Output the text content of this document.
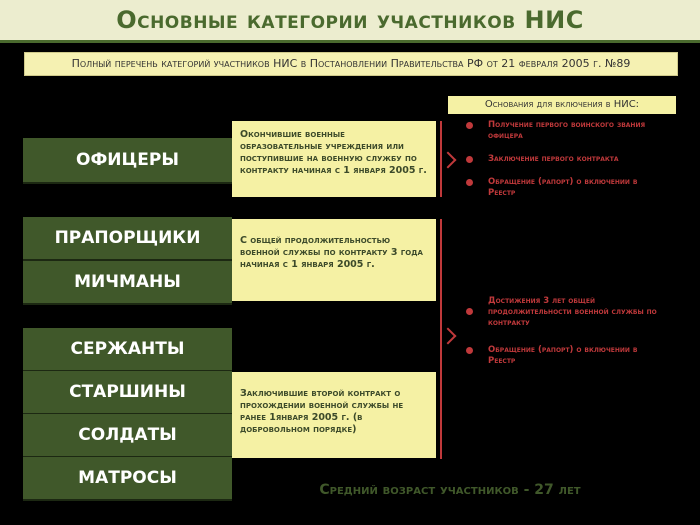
Основные категории участников НИС
Полный перечень категорий участников НИС в Постановлении Правительства РФ от 21 февраля 2005 г. №89
ОФИЦЕРЫ
ПРАПОРЩИКИ
МИЧМАНЫ
СЕРЖАНТЫ
СТАРШИНЫ
СОЛДАТЫ
МАТРОСЫ
Окончившие военные образовательные учреждения или поступившие на военную службу по контракту начиная с 1 января 2005 г.
С общей продолжительностью военной службы по контракту 3 года начиная с 1 января 2005 г.
Заключившие второй контракт о прохождении военной службы не ранее 1января 2005 г. (в добровольном порядке)
Основания для включения в НИС:
Получение первого воинского звания офицера
Заключение первого контракта
Обращение (рапорт) о включении в Реестр
Достижения 3 лет общей продолжительности военной службы по контракту
Обращение (рапорт) о включении в Реестр
Средний возраст участников - 27 лет
